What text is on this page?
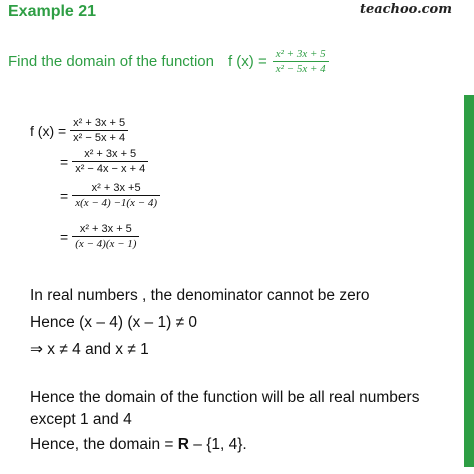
Example 21	teachoo.com
Find the domain of the function f $(x) = \frac{\text{x² + 3x + 5}}{\text{x² − 5x + 4}}$
f $(x) = \frac{\text{x² + 3x + 5}}{\text{x² − 5x + 4}}$
= $\frac{\text{x² + 3x + 5}}{\text{x² − 4x − x + 4}}$
= $\frac{\text{x² + 3x +5}}{x(x - 4) -1(x - 4)}$
= $\frac{\text{x² + 3x + 5}}{(x - 4)(x - 1)}$
In real numbers , the denominator cannot be zero
Hence (x – 4) (x – 1) ≠ 0
⇒ x ≠ 4 and x ≠ 1
Hence the domain of the function will be all real numbers
except 1 and 4
Hence, the domain = R – {1, 4}.
